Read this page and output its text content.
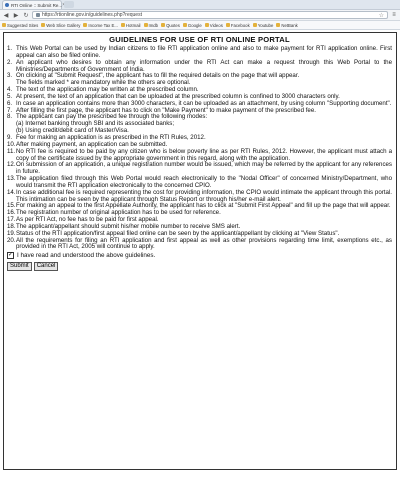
RTI Online :: Submit Re...
◀ ▶ ↻	https://rtionline.gov.in/guidelines.php?request	☆	≡
Suggested Sites Web Slice Gallery Income Tax E... Hotmail Imdb Quotes Google Videos Facebook Youtube NetBank
GUIDELINES FOR USE OF RTI ONLINE PORTAL
1. This Web Portal can be used by Indian citizens to file RTI application online and also to make payment for RTI application online. First appeal can also be filed online.
2. An applicant who desires to obtain any information under the RTI Act can make a request through this Web Portal to the Ministries/Departments of Government of India.
3. On clicking at "Submit Request", the applicant has to fill the required details on the page that will appear.
The fields marked * are mandatory while the others are optional.
4. The text of the application may be written at the prescribed column.
5. At present, the text of an application that can be uploaded at the prescribed column is confined to 3000 characters only.
6. In case an application contains more than 3000 characters, it can be uploaded as an attachment, by using column "Supporting document".
7. After filling the first page, the applicant has to click on "Make Payment" to make payment of the prescribed fee.
8. The applicant can pay the prescribed fee through the following modes:
(a) Internet banking through SBI and its associated banks;
(b) Using credit/debit card of Master/Visa.
9. Fee for making an application is as prescribed in the RTI Rules, 2012.
10. After making payment, an application can be submitted.
11. No RTI fee is required to be paid by any citizen who is below poverty line as per RTI Rules, 2012. However, the applicant must attach a copy of the certificate issued by the appropriate government in this regard, along with the application.
12. On submission of an application, a unique registration number would be issued, which may be referred by the applicant for any references in future.
13. The application filed through this Web Portal would reach electronically to the "Nodal Officer" of concerned Ministry/Department, who would transmit the RTI application electronically to the concerned CPIO.
14. In case additional fee is required representing the cost for providing information, the CPIO would intimate the applicant through this portal. This intimation can be seen by the applicant through Status Report or through his/her e-mail alert.
15. For making an appeal to the first Appellate Authority, the applicant has to click at "Submit First Appeal" and fill up the page that will appear.
16. The registration number of original application has to be used for reference.
17. As per RTI Act, no fee has to be paid for first appeal.
18. The applicant/appellant should submit his/her mobile number to receive SMS alert.
19. Status of the RTI application/first appeal filed online can be seen by the applicant/appellant by clicking at "View Status".
20. All the requirements for filing an RTI application and first appeal as well as other provisions regarding time limit, exemptions etc., as provided in the RTI Act, 2005 will continue to apply.
✓ I have read and understood the above guidelines.
Submit	Cancel
